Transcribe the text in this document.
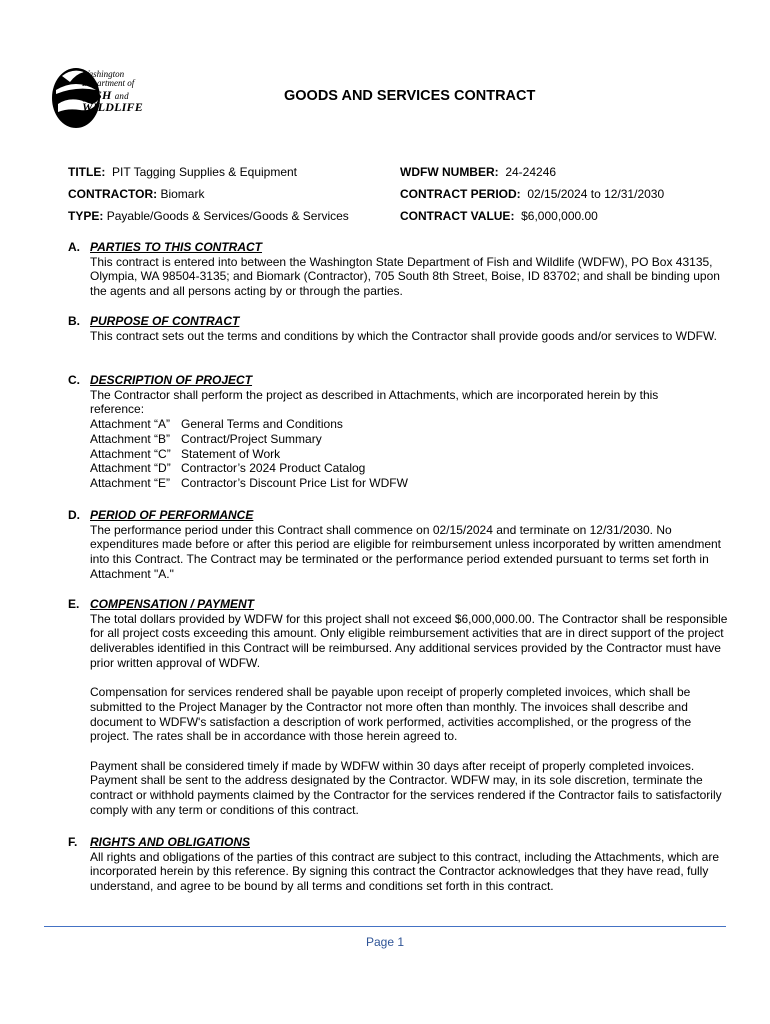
Washington
Department of
FISH and
WILDLIFE
GOODS AND SERVICES CONTRACT
TITLE: PIT Tagging Supplies & Equipment
CONTRACTOR: Biomark
TYPE: Payable/Goods & Services/Goods & Services
WDFW NUMBER: 24-24246
CONTRACT PERIOD: 02/15/2024 to 12/31/2030
CONTRACT VALUE: $6,000,000.00
A. PARTIES TO THIS CONTRACT

This contract is entered into between the Washington State Department of Fish and Wildlife (WDFW), PO Box 43135, Olympia, WA 98504-3135; and Biomark (Contractor), 705 South 8th Street, Boise, ID 83702; and shall be binding upon the agents and all persons acting by or through the parties.

B. PURPOSE OF CONTRACT

This contract sets out the terms and conditions by which the Contractor shall provide goods and/or services to WDFW.

C. DESCRIPTION OF PROJECT

The Contractor shall perform the project as described in Attachments, which are incorporated herein by this reference:

Attachment “A” General Terms and Conditions
Attachment “B” Contract/Project Summary
Attachment “C” Statement of Work
Attachment “D” Contractor’s 2024 Product Catalog
Attachment “E” Contractor’s Discount Price List for WDFW
D. PERIOD OF PERFORMANCE

The performance period under this Contract shall commence on 02/15/2024 and terminate on 12/31/2030. No expenditures made before or after this period are eligible for reimbursement unless incorporated by written amendment into this Contract. The Contract may be terminated or the performance period extended pursuant to terms set forth in Attachment "A."

E. COMPENSATION / PAYMENT

The total dollars provided by WDFW for this project shall not exceed $6,000,000.00. The Contractor shall be responsible for all project costs exceeding this amount. Only eligible reimbursement activities that are in direct support of the project deliverables identified in this Contract will be reimbursed. Any additional services provided by the Contractor must have prior written approval of WDFW.

Compensation for services rendered shall be payable upon receipt of properly completed invoices, which shall be submitted to the Project Manager by the Contractor not more often than monthly. The invoices shall describe and document to WDFW's satisfaction a description of work performed, activities accomplished, or the progress of the project. The rates shall be in accordance with those herein agreed to.

Payment shall be considered timely if made by WDFW within 30 days after receipt of properly completed invoices. Payment shall be sent to the address designated by the Contractor. WDFW may, in its sole discretion, terminate the contract or withhold payments claimed by the Contractor for the services rendered if the Contractor fails to satisfactorily comply with any term or conditions of this contract.

F. RIGHTS AND OBLIGATIONS

All rights and obligations of the parties of this contract are subject to this contract, including the Attachments, which are incorporated herein by this reference. By signing this contract the Contractor acknowledges that they have read, fully understand, and agree to be bound by all terms and conditions set forth in this contract.

Page 1
